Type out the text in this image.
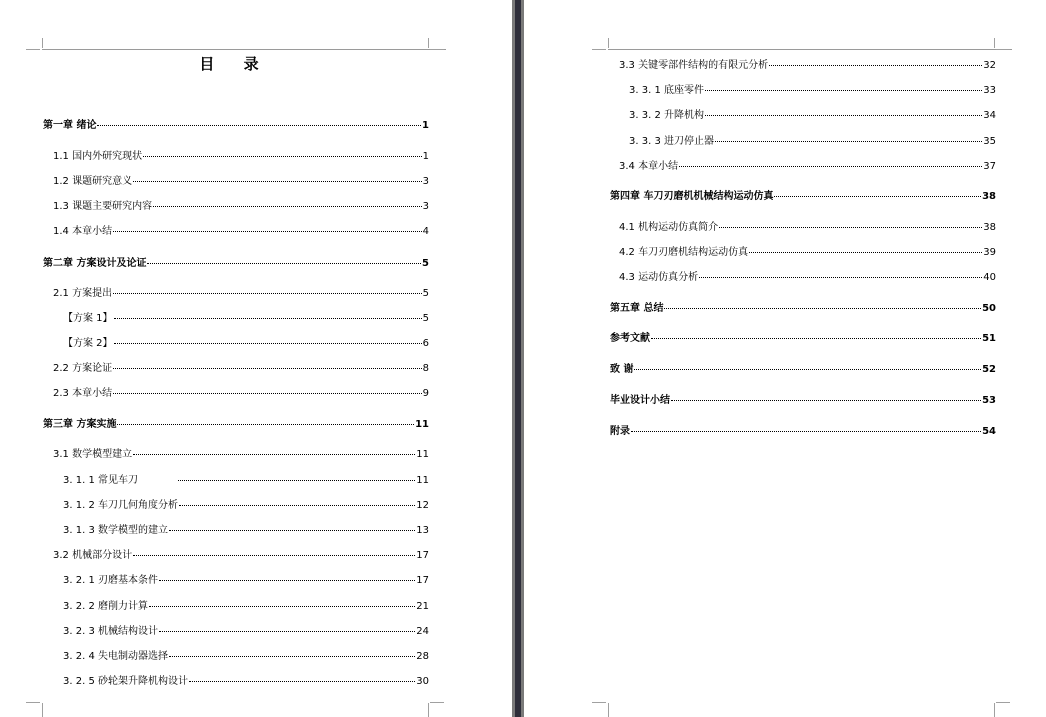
目 录
第一章 绪论	1
1.1 国内外研究现状	1
1.2 课题研究意义	3
1.3 课题主要研究内容	3
1.4 本章小结	4
第二章 方案设计及论证	5
2.1 方案提出	5
【方案 1】	5
【方案 2】	6
2.2 方案论证	8
2.3 本章小结	9
第三章 方案实施	11
3.1 数学模型建立	11
3. 1. 1 常见车刀	11
3. 1. 2 车刀几何角度分析	12
3. 1. 3 数学模型的建立	13
3.2 机械部分设计	17
3. 2. 1 刃磨基本条件	17
3. 2. 2 磨削力计算	21
3. 2. 3 机械结构设计	24
3. 2. 4 失电制动器选择	28
3. 2. 5 砂轮架升降机构设计	30
3.3 关键零部件结构的有限元分析	32
3. 3. 1 底座零件	33
3. 3. 2 升降机构	34
3. 3. 3 进刀停止器	35
3.4 本章小结	37
第四章 车刀刃磨机机械结构运动仿真	38
4.1 机构运动仿真简介	38
4.2 车刀刃磨机结构运动仿真	39
4.3 运动仿真分析	40
第五章 总结	50
参考文献	51
致 谢	52
毕业设计小结	53
附录	54
